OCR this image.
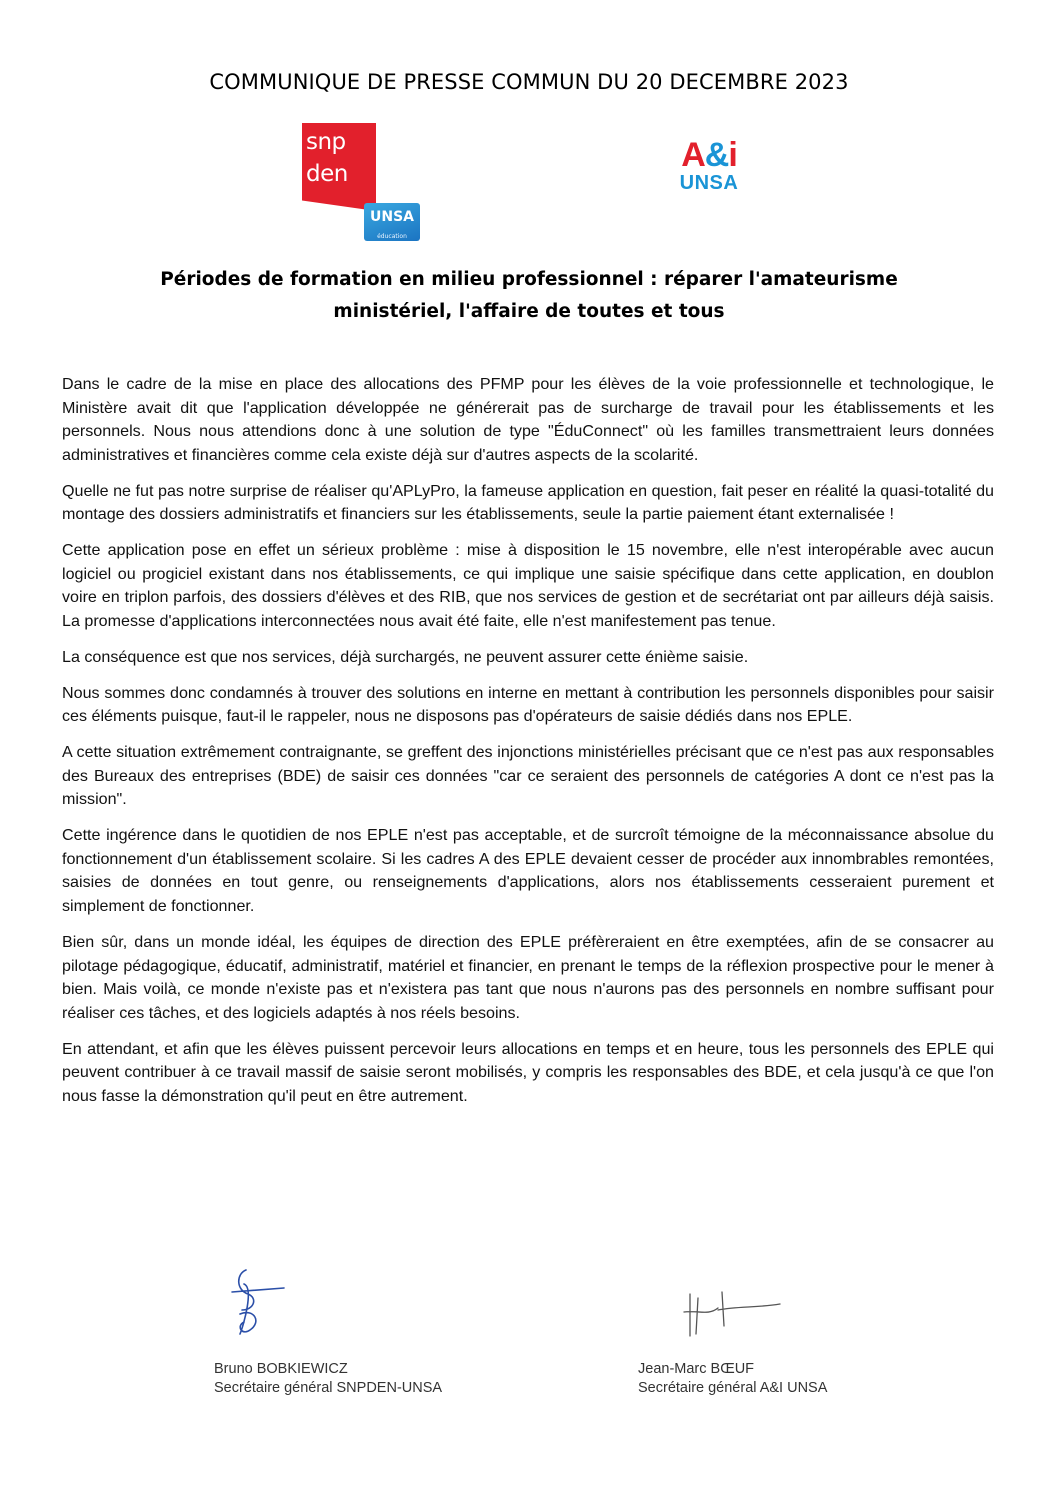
COMMUNIQUE DE PRESSE COMMUN DU 20 DECEMBRE 2023
snp
den
UNSA
éducation
A&i
UNSA
Périodes de formation en milieu professionnel : réparer l'amateurisme
ministériel, l'affaire de toutes et tous

Dans le cadre de la mise en place des allocations des PFMP pour les élèves de la voie professionnelle et technologique, le Ministère avait dit que l'application développée ne générerait pas de surcharge de travail pour les établissements et les personnels. Nous nous attendions donc à une solution de type "ÉduConnect" où les familles transmettraient leurs données administratives et financières comme cela existe déjà sur d'autres aspects de la scolarité.

Quelle ne fut pas notre surprise de réaliser qu'APLyPro, la fameuse application en question, fait peser en réalité la quasi-totalité du montage des dossiers administratifs et financiers sur les établissements, seule la partie paiement étant externalisée !

Cette application pose en effet un sérieux problème : mise à disposition le 15 novembre, elle n'est interopérable avec aucun logiciel ou progiciel existant dans nos établissements, ce qui implique une saisie spécifique dans cette application, en doublon voire en triplon parfois, des dossiers d'élèves et des RIB, que nos services de gestion et de secrétariat ont par ailleurs déjà saisis. La promesse d'applications interconnectées nous avait été faite, elle n'est manifestement pas tenue.

La conséquence est que nos services, déjà surchargés, ne peuvent assurer cette énième saisie.

Nous sommes donc condamnés à trouver des solutions en interne en mettant à contribution les personnels disponibles pour saisir ces éléments puisque, faut-il le rappeler, nous ne disposons pas d'opérateurs de saisie dédiés dans nos EPLE.

A cette situation extrêmement contraignante, se greffent des injonctions ministérielles précisant que ce n'est pas aux responsables des Bureaux des entreprises (BDE) de saisir ces données "car ce seraient des personnels de catégories A dont ce n'est pas la mission".

Cette ingérence dans le quotidien de nos EPLE n'est pas acceptable, et de surcroît témoigne de la méconnaissance absolue du fonctionnement d'un établissement scolaire. Si les cadres A des EPLE devaient cesser de procéder aux innombrables remontées, saisies de données en tout genre, ou renseignements d'applications, alors nos établissements cesseraient purement et simplement de fonctionner.

Bien sûr, dans un monde idéal, les équipes de direction des EPLE préfèreraient en être exemptées, afin de se consacrer au pilotage pédagogique, éducatif, administratif, matériel et financier, en prenant le temps de la réflexion prospective pour le mener à bien. Mais voilà, ce monde n'existe pas et n'existera pas tant que nous n'aurons pas des personnels en nombre suffisant pour réaliser ces tâches, et des logiciels adaptés à nos réels besoins.

En attendant, et afin que les élèves puissent percevoir leurs allocations en temps et en heure, tous les personnels des EPLE qui peuvent contribuer à ce travail massif de saisie seront mobilisés, y compris les responsables des BDE, et cela jusqu'à ce que l'on nous fasse la démonstration qu'il peut en être autrement.

Bruno BOBKIEWICZ
Secrétaire général SNPDEN-UNSA
Jean-Marc BŒUF
Secrétaire général A&I UNSA
